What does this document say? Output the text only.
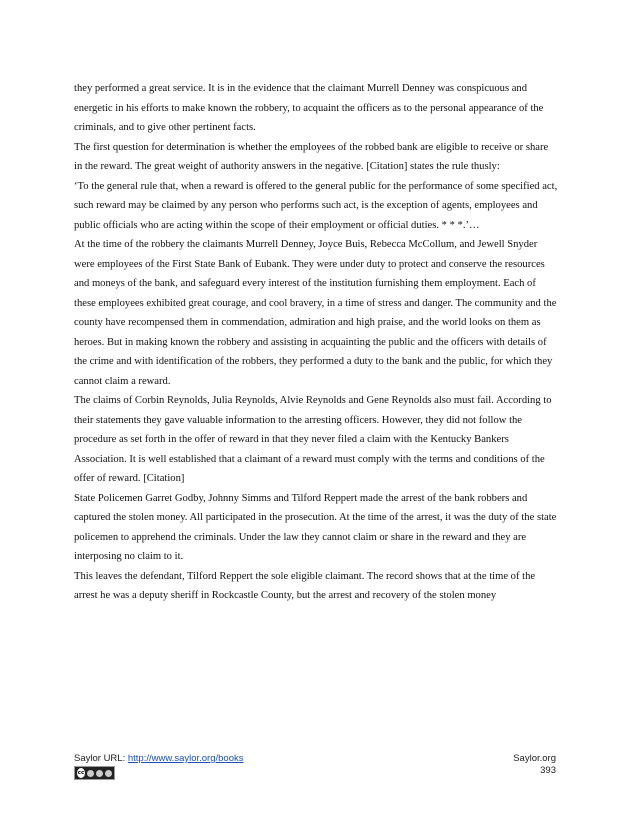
they performed a great service. It is in the evidence that the claimant Murrell Denney was conspicuous and energetic in his efforts to make known the robbery, to acquaint the officers as to the personal appearance of the criminals, and to give other pertinent facts.

The first question for determination is whether the employees of the robbed bank are eligible to receive or share in the reward. The great weight of authority answers in the negative. [Citation] states the rule thusly:

‘To the general rule that, when a reward is offered to the general public for the performance of some specified act, such reward may be claimed by any person who performs such act, is the exception of agents, employees and public officials who are acting within the scope of their employment or official duties. * * *.’…

At the time of the robbery the claimants Murrell Denney, Joyce Buis, Rebecca McCollum, and Jewell Snyder were employees of the First State Bank of Eubank. They were under duty to protect and conserve the resources and moneys of the bank, and safeguard every interest of the institution furnishing them employment. Each of these employees exhibited great courage, and cool bravery, in a time of stress and danger. The community and the county have recompensed them in commendation, admiration and high praise, and the world looks on them as heroes. But in making known the robbery and assisting in acquainting the public and the officers with details of the crime and with identification of the robbers, they performed a duty to the bank and the public, for which they cannot claim a reward.

The claims of Corbin Reynolds, Julia Reynolds, Alvie Reynolds and Gene Reynolds also must fail. According to their statements they gave valuable information to the arresting officers. However, they did not follow the procedure as set forth in the offer of reward in that they never filed a claim with the Kentucky Bankers Association. It is well established that a claimant of a reward must comply with the terms and conditions of the offer of reward. [Citation]

State Policemen Garret Godby, Johnny Simms and Tilford Reppert made the arrest of the bank robbers and captured the stolen money. All participated in the prosecution. At the time of the arrest, it was the duty of the state policemen to apprehend the criminals. Under the law they cannot claim or share in the reward and they are interposing no claim to it.

This leaves the defendant, Tilford Reppert the sole eligible claimant. The record shows that at the time of the arrest he was a deputy sheriff in Rockcastle County, but the arrest and recovery of the stolen money

Saylor URL: http://www.saylor.org/books
cc
Saylor.org
393
